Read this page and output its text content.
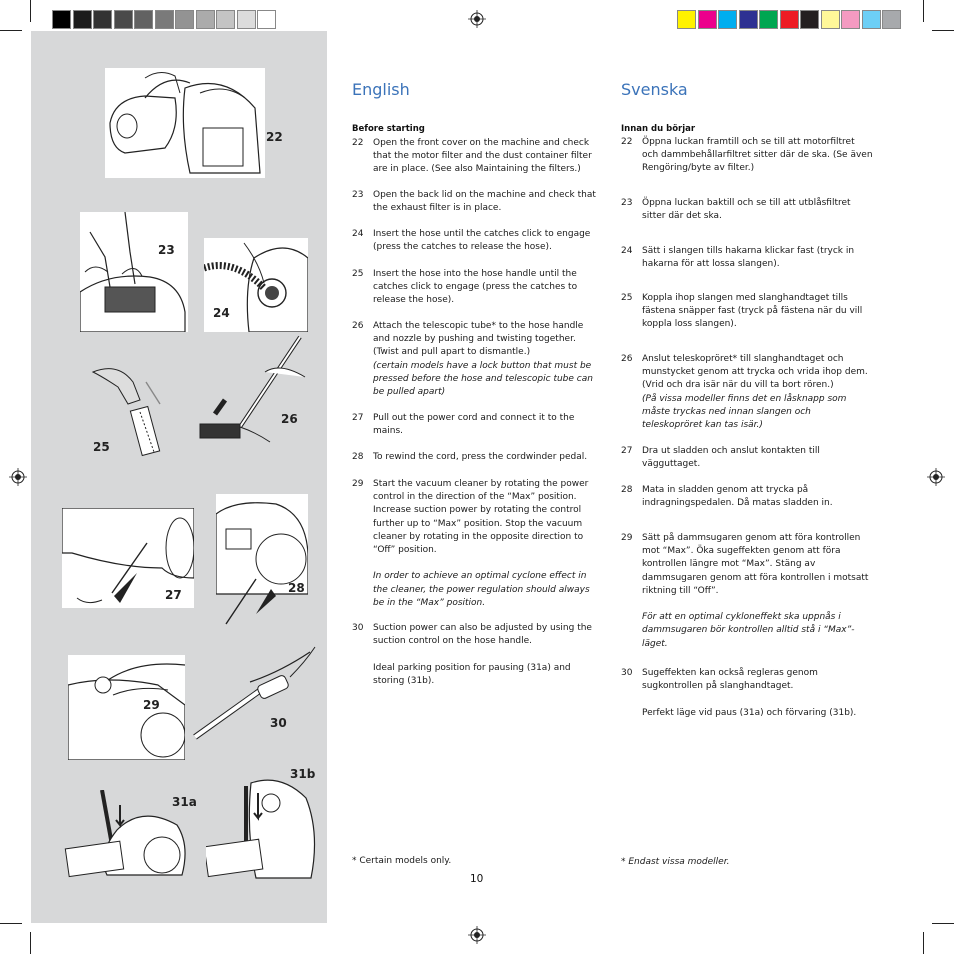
22
23
24
25
26
27	28
29
30
31a
31b
English
Before starting
22	Open the front cover on the machine and check that the motor filter and the dust container filter are in place. (See also Maintaining the filters.)
23	Open the back lid on the machine and check that the exhaust filter is in place.
24	Insert the hose until the catches click to engage (press the catches to release the hose).
25	Insert the hose into the hose handle until the catches click to engage (press the catches to release the hose).
26	Attach the telescopic tube* to the hose handle and nozzle by pushing and twisting together. (Twist and pull apart to dismantle.)
(certain models have a lock button that must be pressed before the hose and telescopic tube can be pulled apart)
27	Pull out the power cord and connect it to the mains.
28	To rewind the cord, press the cordwinder pedal.
29	Start the vacuum cleaner by rotating the power control in the direction of the “Max” position. Increase suction power by rotating the control further up to “Max” position. Stop the vacuum cleaner by rotating in the opposite direction to “Off” position.

In order to achieve an optimal cyclone effect in the cleaner, the power regulation should always be in the “Max” position.
30	Suction power can also be adjusted by using the suction control on the hose handle.

Ideal parking position for pausing (31a) and storing (31b).
* Certain models only.
10
Svenska
Innan du börjar
22	Öppna luckan framtill och se till att motorfiltret och dammbehållarfiltret sitter där de ska. (Se även Rengöring/byte av filter.)
23	Öppna luckan baktill och se till att utblåsfiltret sitter där det ska.
24	Sätt i slangen tills hakarna klickar fast (tryck in hakarna för att lossa slangen).
25	Koppla ihop slangen med slanghandtaget tills fästena snäpper fast (tryck på fästena när du vill koppla loss slangen).
26	Anslut teleskopröret* till slanghandtaget och munstycket genom att trycka och vrida ihop dem. (Vrid och dra isär när du vill ta bort rören.)
(På vissa modeller finns det en låsknapp som måste tryckas ned innan slangen och teleskopröret kan tas isär.)
27	Dra ut sladden och anslut kontakten till vägguttaget.
28	Mata in sladden genom att trycka på indragningspedalen. Då matas sladden in.
29	Sätt på dammsugaren genom att föra kontrollen mot “Max”. Öka sugeffekten genom att föra kontrollen längre mot “Max”. Stäng av dammsugaren genom att föra kontrollen i motsatt riktning till “Off”.

För att en optimal cykloneffekt ska uppnås i dammsugaren bör kontrollen alltid stå i “Max”-läget.
30	Sugeffekten kan också regleras genom sugkontrollen på slanghandtaget.

Perfekt läge vid paus (31a) och förvaring (31b).
* Endast vissa modeller.
